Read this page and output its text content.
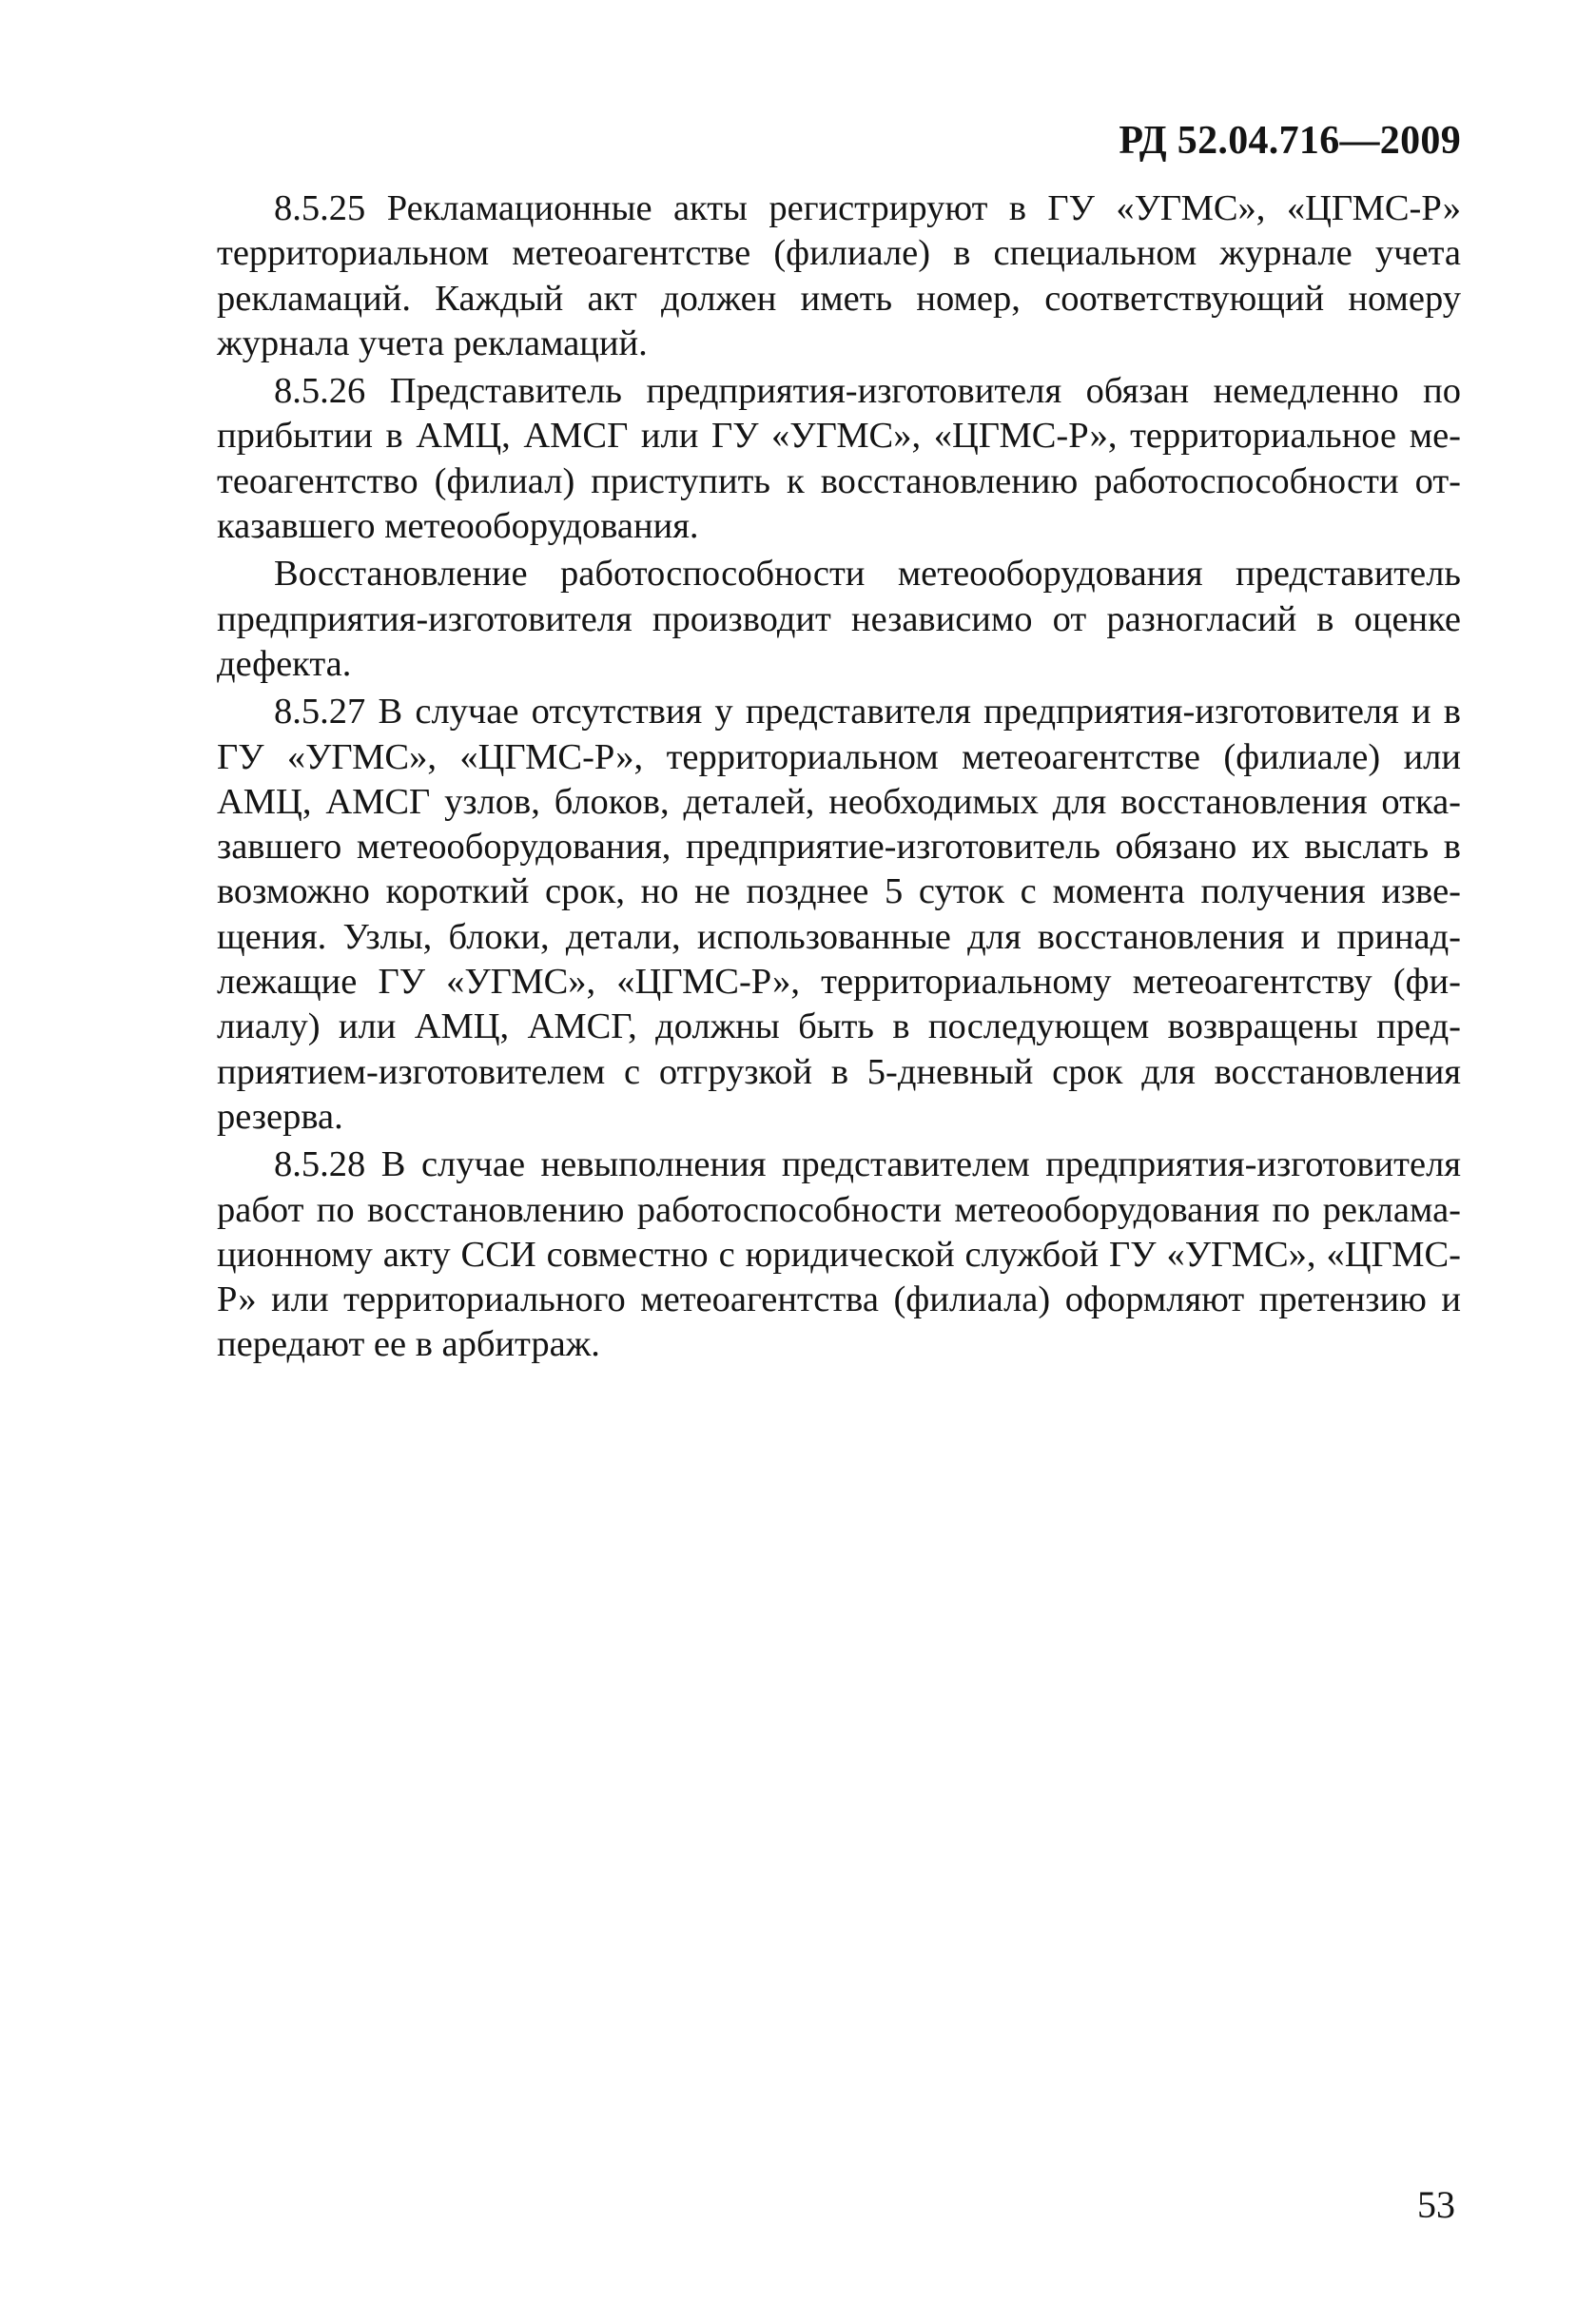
РД 52.04.716—2009

8.5.25 Рекламационные акты регистрируют в ГУ «УГМС», «ЦГМС-Р» территориальном метеоагентстве (филиале) в специальном журнале учета рекламаций. Каждый акт должен иметь номер, соответствующий номеру журнала учета рекламаций.

8.5.26 Представитель предприятия-изготовителя обязан немедленно по прибытии в АМЦ, АМСГ или ГУ «УГМС», «ЦГМС-Р», территориальное метеоагентство (филиал) приступить к восстановлению работоспособности отказавшего метеооборудования.

Восстановление работоспособности метеооборудования представитель предприятия-изготовителя производит независимо от разногласий в оценке дефекта.

8.5.27 В случае отсутствия у представителя предприятия-изготовителя и в ГУ «УГМС», «ЦГМС-Р», территориальном метеоагентстве (филиале) или АМЦ, АМСГ узлов, блоков, деталей, необходимых для восстановления отказавшего метеооборудования, предприятие-изготовитель обязано их выслать в возможно короткий срок, но не позднее 5 суток с момента получения извещения. Узлы, блоки, детали, использованные для восстановления и принадлежащие ГУ «УГМС», «ЦГМС-Р», территориальному метеоагентству (филиалу) или АМЦ, АМСГ, должны быть в последующем возвращены предприятием-изготовителем с отгрузкой в 5-дневный срок для восстановления резерва.

8.5.28 В случае невыполнения представителем предприятия-изготовителя работ по восстановлению работоспособности метеооборудования по рекламационному акту ССИ совместно с юридической службой ГУ «УГМС», «ЦГМС-Р» или территориального метеоагентства (филиала) оформляют претензию и передают ее в арбитраж.

53
